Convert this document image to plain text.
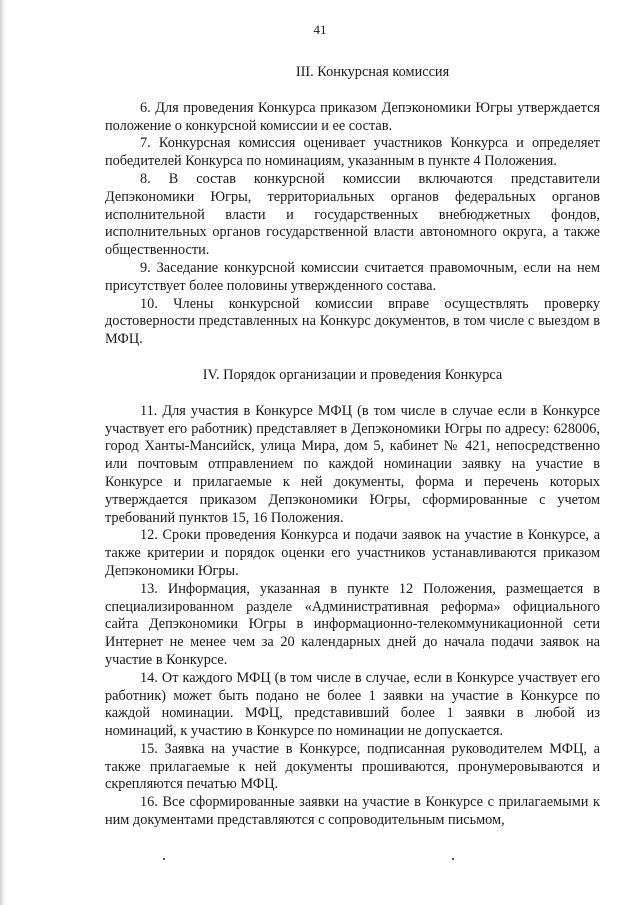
41
III. Конкурсная комиссия

6. Для проведения Конкурса приказом Депэкономики Югры утверждается положение о конкурсной комиссии и ее состав.

7. Конкурсная комиссия оценивает участников Конкурса и определяет победителей Конкурса по номинациям, указанным в пункте 4 Положения.

8. В состав конкурсной комиссии включаются представители Депэкономики Югры, территориальных органов федеральных органов исполнительной власти и государственных внебюджетных фондов, исполнительных органов государственной власти автономного округа, а также общественности.

9. Заседание конкурсной комиссии считается правомочным, если на нем присутствует более половины утвержденного состава.

10. Члены конкурсной комиссии вправе осуществлять проверку достоверности представленных на Конкурс документов, в том числе с выездом в МФЦ.

IV. Порядок организации и проведения Конкурса

11. Для участия в Конкурсе МФЦ (в том числе в случае если в Конкурсе участвует его работник) представляет в Депэкономики Югры по адресу: 628006, город Ханты-Мансийск, улица Мира, дом 5, кабинет № 421, непосредственно или почтовым отправлением по каждой номинации заявку на участие в Конкурсе и прилагаемые к ней документы, форма и перечень которых утверждается приказом Депэкономики Югры, сформированные с учетом требований пунктов 15, 16 Положения.

12. Сроки проведения Конкурса и подачи заявок на участие в Конкурсе, а также критерии и порядок оценки его участников устанавливаются приказом Депэкономики Югры.

13. Информация, указанная в пункте 12 Положения, размещается в специализированном разделе «Административная реформа» официального сайта Депэкономики Югры в информационно-телекоммуникационной сети Интернет не менее чем за 20 календарных дней до начала подачи заявок на участие в Конкурсе.

14. От каждого МФЦ (в том числе в случае, если в Конкурсе участвует его работник) может быть подано не более 1 заявки на участие в Конкурсе по каждой номинации. МФЦ, представивший более 1 заявки в любой из номинаций, к участию в Конкурсе по номинации не допускается.

15. Заявка на участие в Конкурсе, подписанная руководителем МФЦ, а также прилагаемые к ней документы прошиваются, пронумеровываются и скрепляются печатью МФЦ.

16. Все сформированные заявки на участие в Конкурсе с прилагаемыми к ним документами представляются с сопроводительным письмом,
